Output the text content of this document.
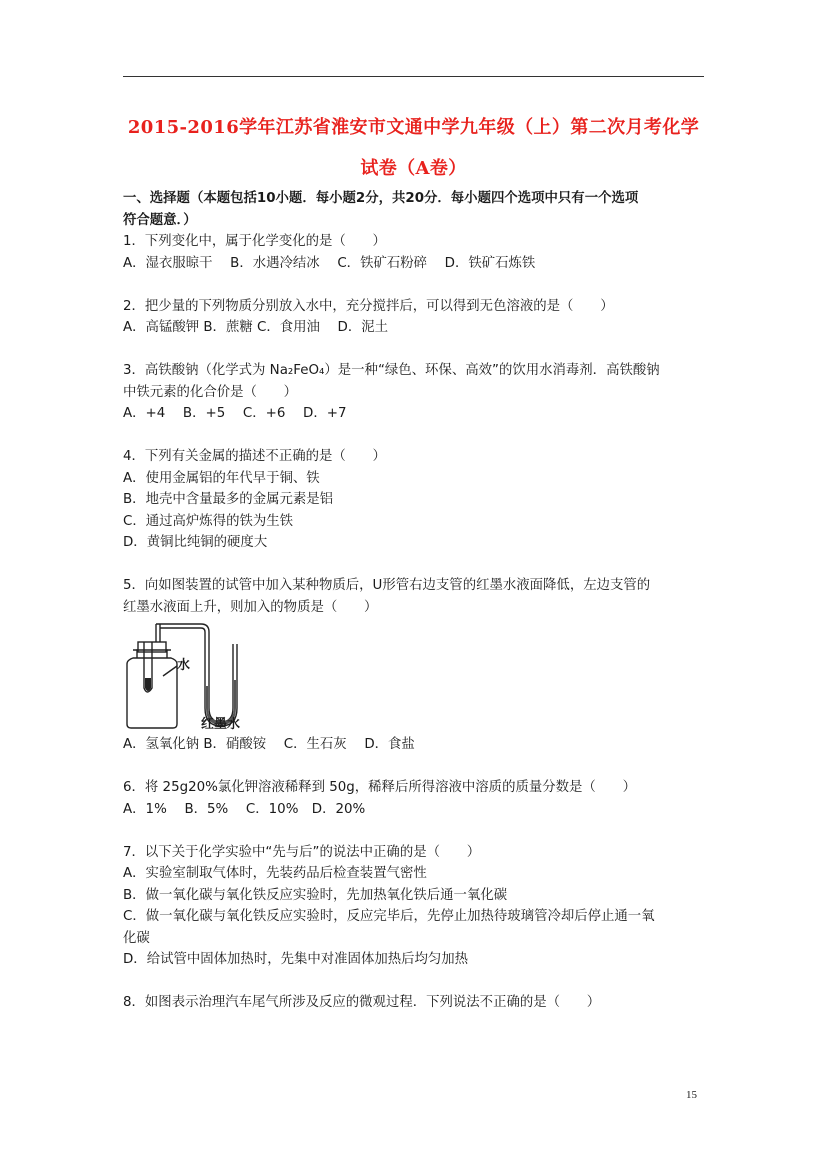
2015-2016学年江苏省淮安市文通中学九年级（上）第二次月考化学
试卷（A卷）
一、选择题（本题包括10小题．每小题2分，共20分．每小题四个选项中只有一个选项
符合题意．）
1．下列变化中，属于化学变化的是（　　）
A．湿衣服晾干　 B．水遇冷结冰　 C．铁矿石粉碎　 D．铁矿石炼铁
2．把少量的下列物质分别放入水中，充分搅拌后，可以得到无色溶液的是（　　）
A．高锰酸钾 B．蔗糖 C．食用油　 D．泥土
3．高铁酸钠（化学式为 Na₂FeO₄）是一种“绿色、环保、高效”的饮用水消毒剂．高铁酸钠
中铁元素的化合价是（　　）
A．+4　 B．+5　 C．+6　 D．+7
4．下列有关金属的描述不正确的是（　　）
A．使用金属铝的年代早于铜、铁
B．地壳中含量最多的金属元素是铝
C．通过高炉炼得的铁为生铁
D．黄铜比纯铜的硬度大
5．向如图装置的试管中加入某种物质后，U形管右边支管的红墨水液面降低，左边支管的
红墨水液面上升，则加入的物质是（　　）
水
红墨水
A．氢氧化钠 B．硝酸铵　 C．生石灰　 D．食盐
6．将 25g20%氯化钾溶液稀释到 50g，稀释后所得溶液中溶质的质量分数是（　　）
A．1%　 B．5%　 C．10%　D．20%
7．以下关于化学实验中“先与后”的说法中正确的是（　　）
A．实验室制取气体时，先装药品后检查装置气密性
B．做一氧化碳与氧化铁反应实验时，先加热氧化铁后通一氧化碳
C．做一氧化碳与氧化铁反应实验时，反应完毕后，先停止加热待玻璃管冷却后停止通一氧
化碳
D．给试管中固体加热时，先集中对准固体加热后均匀加热
8．如图表示治理汽车尾气所涉及反应的微观过程．下列说法不正确的是（　　）
15
